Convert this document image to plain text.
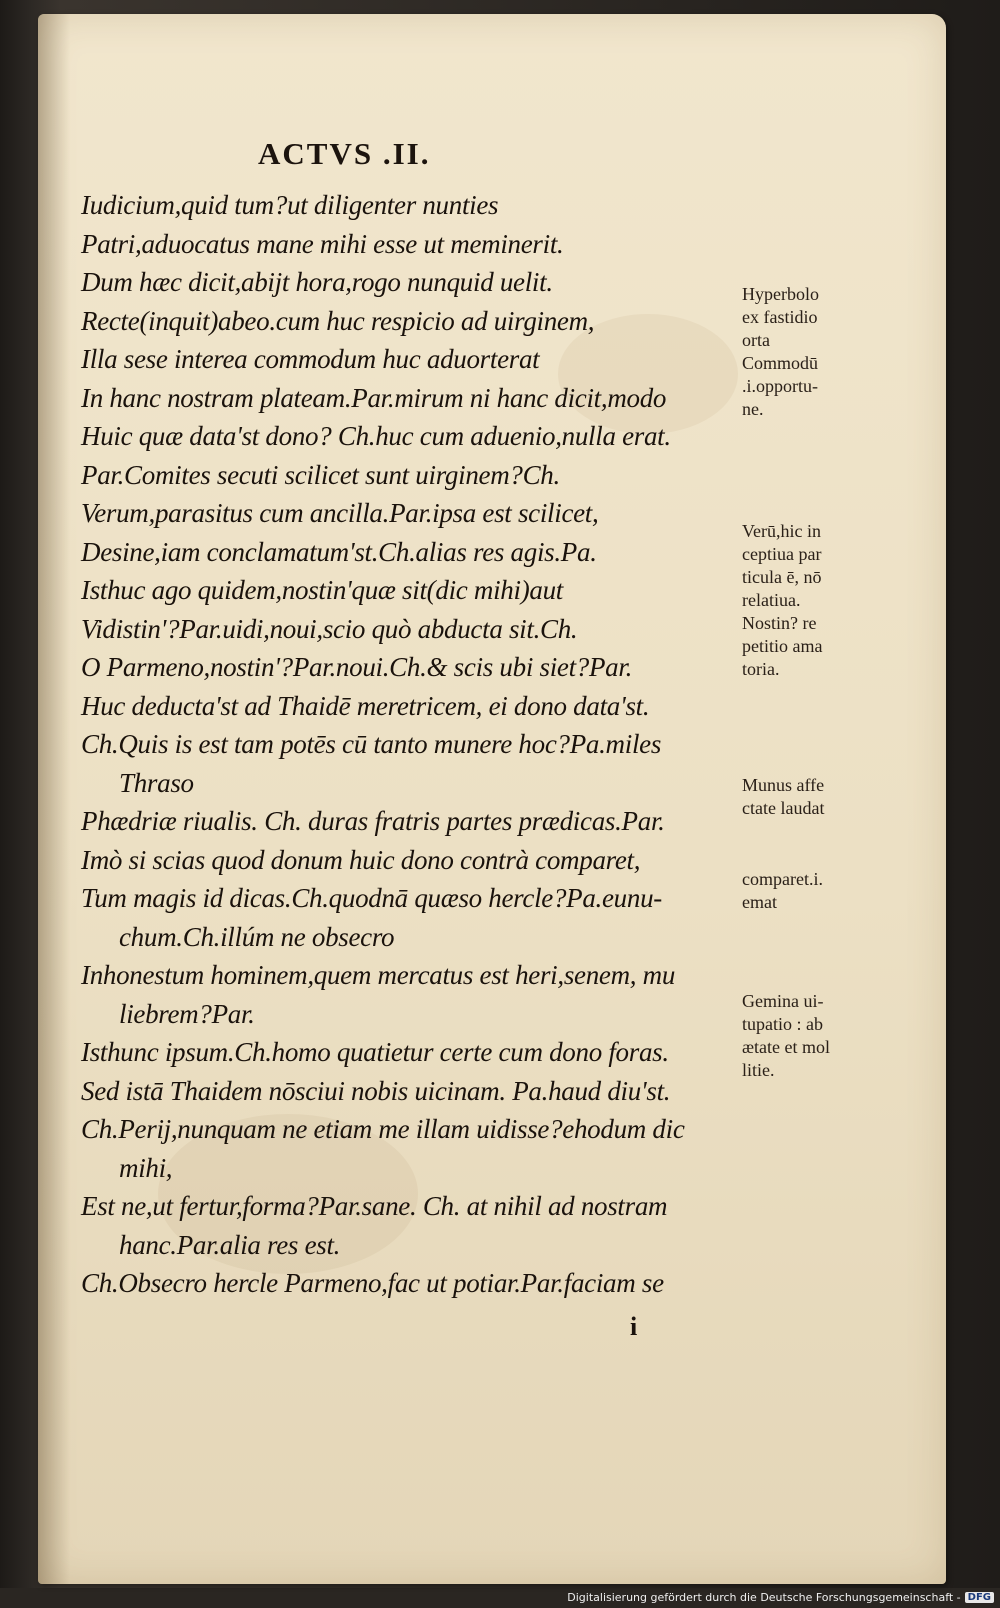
ACTVS .II.
Iudicium,quid tum?ut diligenter nunties
Patri,aduocatus mane mihi esse ut meminerit.
Dum hæc dicit,abijt hora,rogo nunquid uelit.
Recte(inquit)abeo.cum huc respicio ad uirginem,
Illa sese interea commodum huc aduorterat
In hanc nostram plateam.Par.mirum ni hanc dicit,modo
Huic quæ data'st dono? Ch.huc cum aduenio,nulla erat.
Par.Comites secuti scilicet sunt uirginem?Ch.
Verum,parasitus cum ancilla.Par.ipsa est scilicet,
Desine,iam conclamatum'st.Ch.alias res agis.Pa.
Isthuc ago quidem,nostin'quæ sit(dic mihi)aut
Vidistin'?Par.uidi,noui,scio quò abducta sit.Ch.
O Parmeno,nostin'?Par.noui.Ch.& scis ubi siet?Par.
Huc deducta'st ad Thaidē meretricem, ei dono data'st.
Ch.Quis is est tam potēs cū tanto munere hoc?Pa.miles
Thraso
Phædriæ riualis. Ch. duras fratris partes prædicas.Par.
Imò si scias quod donum huic dono contrà comparet,
Tum magis id dicas.Ch.quodnā quæso hercle?Pa.eunu-
chum.Ch.illúm ne obsecro
Inhonestum hominem,quem mercatus est heri,senem, mu
liebrem?Par.
Isthunc ipsum.Ch.homo quatietur certe cum dono foras.
Sed istā Thaidem nōsciui nobis uicinam. Pa.haud diu'st.
Ch.Perij,nunquam ne etiam me illam uidisse?ehodum dic
mihi,
Est ne,ut fertur,forma?Par.sane. Ch. at nihil ad nostram
hanc.Par.alia res est.
Ch.Obsecro hercle Parmeno,fac ut potiar.Par.faciam se
Hyperbolo
ex fastidio
orta
Commodū
.i.opportu-
ne.
Verū,hic in
ceptiua par
ticula ē, nō
relatiua.
Nostin? re
petitio ama
toria.
Munus affe
ctate laudat
comparet.i.
emat
Gemina ui-
tupatio : ab
ætate et mol
litie.
i
Digitalisierung gefördert durch die Deutsche Forschungsgemeinschaft - DFG
